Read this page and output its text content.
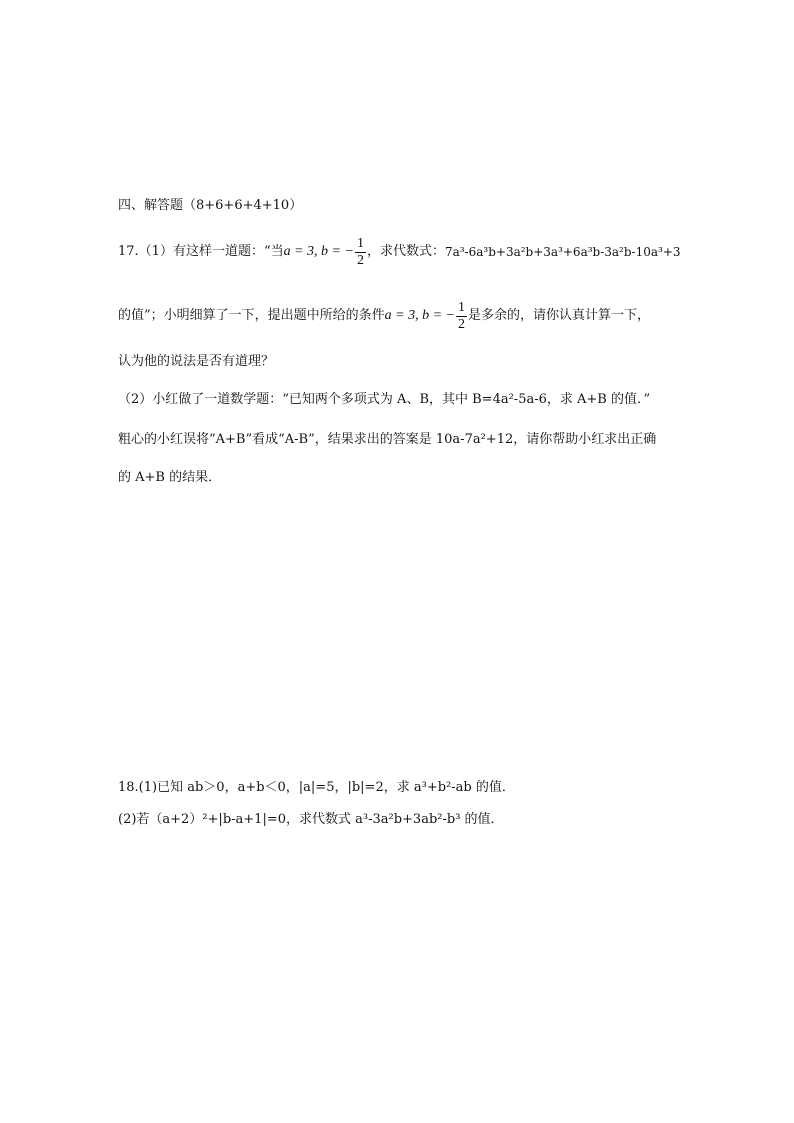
四、解答题（8+6+6+4+10）
17.（1）有这样一道题：“当 a = 3, b = − $\frac{1}{2}$ ，求代数式： 7a³-6a³b+3a²b+3a³+6a³b-3a²b-10a³+3
的值”；小明细算了一下，提出题中所给的条件 a = 3, b = − $\frac{1}{2}$ 是多余的，请你认真计算一下，
认为他的说法是否有道理？
（2）小红做了一道数学题：“已知两个多项式为 A、B，其中 B=4a²-5a-6，求 A+B 的值．”
粗心的小红误将“A+B”看成“A-B”，结果求出的答案是 10a-7a²+12，请你帮助小红求出正确
的 A+B 的结果．
18.(1)已知 ab＞0，a+b＜0，|a|=5，|b|=2，求 a³+b²-ab 的值．
(2)若（a+2）²+|b-a+1|=0，求代数式 a³-3a²b+3ab²-b³ 的值．
